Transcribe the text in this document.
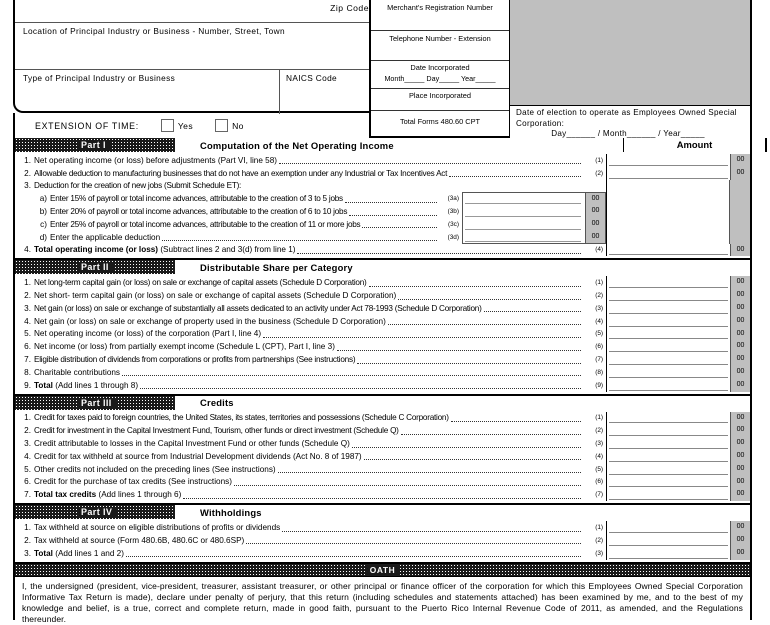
Zip Code
Location of Principal Industry or Business - Number, Street, Town
Type of Principal Industry or Business	NAICS Code
EXTENSION OF TIME:	Yes	No
Merchant's Registration Number
Telephone Number - Extension
Date Incorporated
Month_____ Day_____ Year_____
Place Incorporated
Total Forms 480.60 CPT
Date of election to operate as Employees Owned Special Corporation:
Day______ / Month______ / Year_____
Part I	Computation of the Net Operating Income	Amount
1. Net operating income (or loss) before adjustments (Part VI, line 58)	(1)	00
2. Allowable deduction to manufacturing businesses that do not have an exemption under any Industrial or Tax Incentives Act	(2)	00
3. Deduction for the creation of new jobs (Submit Schedule ET):
a) Enter 15% of payroll or total income advances, attributable to the creation of 3 to 5 jobs	(3a)	00
b) Enter 20% of payroll or total income advances, attributable to the creation of 6 to 10 jobs	(3b)	00
c) Enter 25% of payroll or total income advances, attributable to the creation of 11 or more jobs	(3c)	00
d) Enter the applicable deduction	(3d)	00
4. Total operating income (or loss) (Subtract lines 2 and 3(d) from line 1)	(4)	00
Part II	Distributable Share per Category
1. Net long-term capital gain (or loss) on sale or exchange of capital assets (Schedule D Corporation)	(1)	00
2. Net short- term capital gain (or loss) on sale or exchange of capital assets (Schedule D Corporation)	(2)	00
3. Net gain (or loss) on sale or exchange of substantially all assets dedicated to an activity under Act 78-1993 (Schedule D Corporation)	(3)	00
4. Net gain (or loss) on sale or exchange of property used in the business (Schedule D Corporation)	(4)	00
5. Net operating income (or loss) of the corporation (Part I, line 4)	(5)	00
6. Net income (or loss) from partially exempt income (Schedule L (CPT), Part I, line 3)	(6)	00
7. Eligible distribution of dividends from corporations or profits from partnerships (See instructions)	(7)	00
8. Charitable contributions	(8)	00
9. Total (Add lines 1 through 8)	(9)	00
Part III	Credits
1. Credit for taxes paid to foreign countries, the United States, its states, territories and possessions (Schedule C Corporation)	(1)	00
2. Credit for investment in the Capital Investment Fund, Tourism, other funds or direct investment (Schedule Q)	(2)	00
3. Credit attributable to losses in the Capital Investment Fund or other funds (Schedule Q)	(3)	00
4. Credit for tax withheld at source from Industrial Development dividends (Act No. 8 of 1987)	(4)	00
5. Other credits not included on the preceding lines (See instructions)	(5)	00
6. Credit for the purchase of tax credits (See instructions)	(6)	00
7. Total tax credits (Add lines 1 through 6)	(7)	00
Part IV	Withholdings
1. Tax withheld at source on eligible distributions of profits or dividends	(1)	00
2. Tax withheld at source (Form 480.6B, 480.6C or 480.6SP)	(2)	00
3. Total (Add lines 1 and 2)	(3)	00
OATH
I, the undersigned (president, vice-president, treasurer, assistant treasurer, or other principal or finance officer of the corporation for which this Employees Owned Special Corporation Informative Tax Return is made), declare under penalty of perjury, that this return (including schedules and statements attached) has been examined by me, and to the best of my knowledge and belief, is a true, correct and complete return, made in good faith, pursuant to the Puerto Rico Internal Revenue Code of 2011, as amended, and the Regulations thereunder.
